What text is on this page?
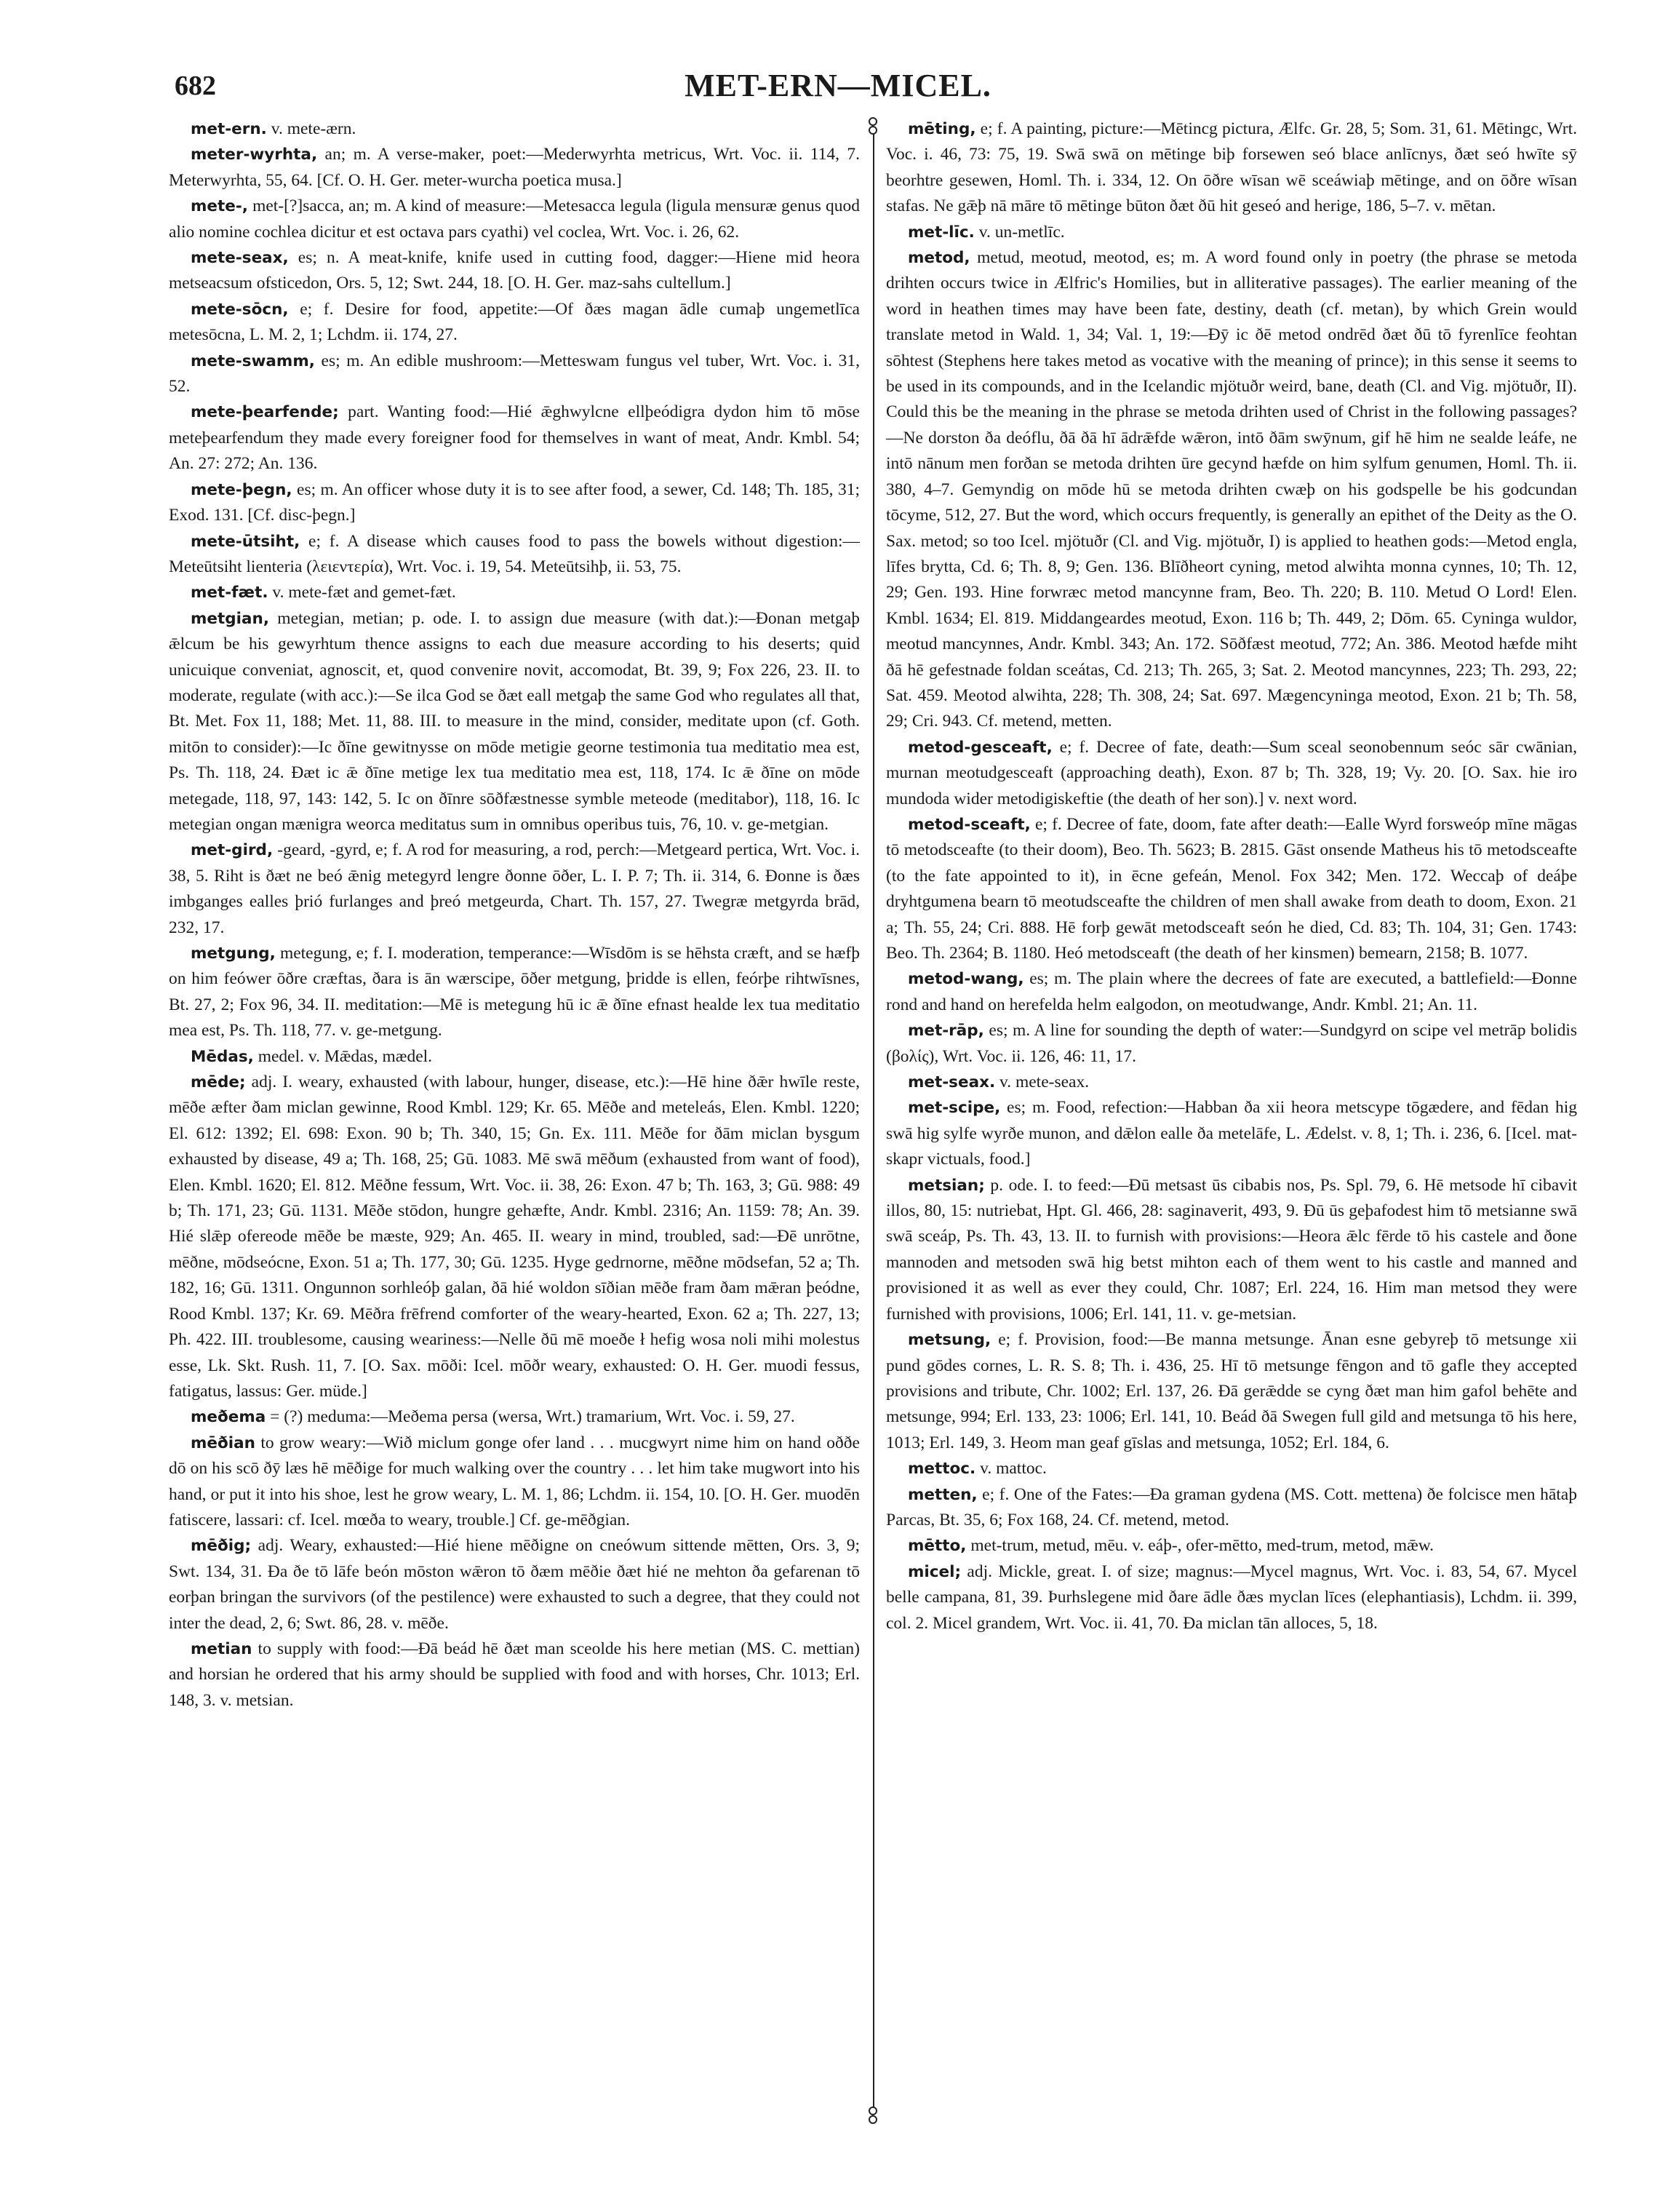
682	MET-ERN—MICEL.

met-ern. v. mete-ærn.

meter-wyrhta, an; m. A verse-maker, poet:—Mederwyrhta metricus, Wrt. Voc. ii. 114, 7. Meterwyrhta, 55, 64. [Cf. O. H. Ger. meter-wurcha poetica musa.]

mete-, met-[?]sacca, an; m. A kind of measure:—Metesacca legula (ligula mensuræ genus quod alio nomine cochlea dicitur et est octava pars cyathi) vel coclea, Wrt. Voc. i. 26, 62.

mete-seax, es; n. A meat-knife, knife used in cutting food, dagger:—Hiene mid heora metseacsum ofsticedon, Ors. 5, 12; Swt. 244, 18. [O. H. Ger. maz-sahs cultellum.]

mete-sōcn, e; f. Desire for food, appetite:—Of ðæs magan ādle cumaþ ungemetlīca metesōcna, L. M. 2, 1; Lchdm. ii. 174, 27.

mete-swamm, es; m. An edible mushroom:—Metteswam fungus vel tuber, Wrt. Voc. i. 31, 52.

mete-þearfende; part. Wanting food:—Hié ǣghwylcne ellþeódigra dydon him tō mōse meteþearfendum they made every foreigner food for themselves in want of meat, Andr. Kmbl. 54; An. 27: 272; An. 136.

mete-þegn, es; m. An officer whose duty it is to see after food, a sewer, Cd. 148; Th. 185, 31; Exod. 131. [Cf. disc-þegn.]

mete-ūtsiht, e; f. A disease which causes food to pass the bowels without digestion:—Meteūtsiht lienteria (λειεντερία), Wrt. Voc. i. 19, 54. Meteūtsihþ, ii. 53, 75.

met-fæt. v. mete-fæt and gemet-fæt.

metgian, metegian, metian; p. ode. I. to assign due measure (with dat.):—Ðonan metgaþ ǣlcum be his gewyrhtum thence assigns to each due measure according to his deserts; quid unicuique conveniat, agnoscit, et, quod convenire novit, accomodat, Bt. 39, 9; Fox 226, 23. II. to moderate, regulate (with acc.):—Se ilca God se ðæt eall metgaþ the same God who regulates all that, Bt. Met. Fox 11, 188; Met. 11, 88. III. to measure in the mind, consider, meditate upon (cf. Goth. mitōn to consider):—Ic ðīne gewitnysse on mōde metigie georne testimonia tua meditatio mea est, Ps. Th. 118, 24. Ðæt ic ǣ ðīne metige lex tua meditatio mea est, 118, 174. Ic ǣ ðīne on mōde metegade, 118, 97, 143: 142, 5. Ic on ðīnre sōðfæstnesse symble meteode (meditabor), 118, 16. Ic metegian ongan mænigra weorca meditatus sum in omnibus operibus tuis, 76, 10. v. ge-metgian.

met-gird, -geard, -gyrd, e; f. A rod for measuring, a rod, perch:—Metgeard pertica, Wrt. Voc. i. 38, 5. Riht is ðæt ne beó ǣnig metegyrd lengre ðonne ōðer, L. I. P. 7; Th. ii. 314, 6. Ðonne is ðæs imbganges ealles þrió furlanges and þreó metgeurda, Chart. Th. 157, 27. Twegræ metgyrda brād, 232, 17.

metgung, metegung, e; f. I. moderation, temperance:—Wīsdōm is se hēhsta cræft, and se hæfþ on him feówer ōðre cræftas, ðara is ān wærscipe, ōðer metgung, þridde is ellen, feórþe rihtwīsnes, Bt. 27, 2; Fox 96, 34. II. meditation:—Mē is metegung hū ic ǣ ðīne efnast healde lex tua meditatio mea est, Ps. Th. 118, 77. v. ge-metgung.

Mēdas, medel. v. Mǣdas, mædel.

mēde; adj. I. weary, exhausted (with labour, hunger, disease, etc.):—Hē hine ðǣr hwīle reste, mēðe æfter ðam miclan gewinne, Rood Kmbl. 129; Kr. 65. Mēðe and meteleás, Elen. Kmbl. 1220; El. 612: 1392; El. 698: Exon. 90 b; Th. 340, 15; Gn. Ex. 111. Mēðe for ðām miclan bysgum exhausted by disease, 49 a; Th. 168, 25; Gū. 1083. Mē swā mēðum (exhausted from want of food), Elen. Kmbl. 1620; El. 812. Mēðne fessum, Wrt. Voc. ii. 38, 26: Exon. 47 b; Th. 163, 3; Gū. 988: 49 b; Th. 171, 23; Gū. 1131. Mēðe stōdon, hungre gehæfte, Andr. Kmbl. 2316; An. 1159: 78; An. 39. Hié slǣp ofereode mēðe be mæste, 929; An. 465. II. weary in mind, troubled, sad:—Ðē unrōtne, mēðne, mōdseócne, Exon. 51 a; Th. 177, 30; Gū. 1235. Hyge gedrnorne, mēðne mōdsefan, 52 a; Th. 182, 16; Gū. 1311. Ongunnon sorhleóþ galan, ðā hié woldon sīðian mēðe fram ðam mǣran þeódne, Rood Kmbl. 137; Kr. 69. Mēðra frēfrend comforter of the weary-hearted, Exon. 62 a; Th. 227, 13; Ph. 422. III. troublesome, causing weariness:—Nelle ðū mē moeðe ł hefig wosa noli mihi molestus esse, Lk. Skt. Rush. 11, 7. [O. Sax. mōði: Icel. mōðr weary, exhausted: O. H. Ger. muodi fessus, fatigatus, lassus: Ger. müde.]

meðema = (?) meduma:—Meðema persa (wersa, Wrt.) tramarium, Wrt. Voc. i. 59, 27.

mēðian to grow weary:—Wið miclum gonge ofer land . . . mucgwyrt nime him on hand oððe dō on his scō ðȳ læs hē mēðige for much walking over the country . . . let him take mugwort into his hand, or put it into his shoe, lest he grow weary, L. M. 1, 86; Lchdm. ii. 154, 10. [O. H. Ger. muodēn fatiscere, lassari: cf. Icel. mœða to weary, trouble.] Cf. ge-mēðgian.

mēðig; adj. Weary, exhausted:—Hié hiene mēðigne on cneówum sittende mētten, Ors. 3, 9; Swt. 134, 31. Ða ðe tō lāfe beón mōston wǣron tō ðæm mēðie ðæt hié ne mehton ða gefarenan tō eorþan bringan the survivors (of the pestilence) were exhausted to such a degree, that they could not inter the dead, 2, 6; Swt. 86, 28. v. mēðe.

metian to supply with food:—Ðā beád hē ðæt man sceolde his here metian (MS. C. mettian) and horsian he ordered that his army should be supplied with food and with horses, Chr. 1013; Erl. 148, 3. v. metsian.

mēting, e; f. A painting, picture:—Mētincg pictura, Ælfc. Gr. 28, 5; Som. 31, 61. Mētingc, Wrt. Voc. i. 46, 73: 75, 19. Swā swā on mētinge biþ forsewen seó blace anlīcnys, ðæt seó hwīte sȳ beorhtre gesewen, Homl. Th. i. 334, 12. On ōðre wīsan wē sceáwiaþ mētinge, and on ōðre wīsan stafas. Ne gǣþ nā māre tō mētinge būton ðæt ðū hit geseó and herige, 186, 5–7. v. mētan.

met-līc. v. un-metlīc.

metod, metud, meotud, meotod, es; m. A word found only in poetry (the phrase se metoda drihten occurs twice in Ælfric's Homilies, but in alliterative passages). The earlier meaning of the word in heathen times may have been fate, destiny, death (cf. metan), by which Grein would translate metod in Wald. 1, 34; Val. 1, 19:—Ðȳ ic ðē metod ondrēd ðæt ðū tō fyrenlīce feohtan sōhtest (Stephens here takes metod as vocative with the meaning of prince); in this sense it seems to be used in its compounds, and in the Icelandic mjötuðr weird, bane, death (Cl. and Vig. mjötuðr, II). Could this be the meaning in the phrase se metoda drihten used of Christ in the following passages?—Ne dorston ða deóflu, ðā ðā hī ādrǣfde wǣron, intō ðām swȳnum, gif hē him ne sealde leáfe, ne intō nānum men forðan se metoda drihten ūre gecynd hæfde on him sylfum genumen, Homl. Th. ii. 380, 4–7. Gemyndig on mōde hū se metoda drihten cwæþ on his godspelle be his godcundan tōcyme, 512, 27. But the word, which occurs frequently, is generally an epithet of the Deity as the O. Sax. metod; so too Icel. mjötuðr (Cl. and Vig. mjötuðr, I) is applied to heathen gods:—Metod engla, līfes brytta, Cd. 6; Th. 8, 9; Gen. 136. Blīðheort cyning, metod alwihta monna cynnes, 10; Th. 12, 29; Gen. 193. Hine forwræc metod mancynne fram, Beo. Th. 220; B. 110. Metud O Lord! Elen. Kmbl. 1634; El. 819. Middangeardes meotud, Exon. 116 b; Th. 449, 2; Dōm. 65. Cyninga wuldor, meotud mancynnes, Andr. Kmbl. 343; An. 172. Sōðfæst meotud, 772; An. 386. Meotod hæfde miht ðā hē gefestnade foldan sceátas, Cd. 213; Th. 265, 3; Sat. 2. Meotod mancynnes, 223; Th. 293, 22; Sat. 459. Meotod alwihta, 228; Th. 308, 24; Sat. 697. Mægencyninga meotod, Exon. 21 b; Th. 58, 29; Cri. 943. Cf. metend, metten.

metod-gesceaft, e; f. Decree of fate, death:—Sum sceal seonobennum seóc sār cwānian, murnan meotudgesceaft (approaching death), Exon. 87 b; Th. 328, 19; Vy. 20. [O. Sax. hie iro mundoda wider metodigiskeftie (the death of her son).] v. next word.

metod-sceaft, e; f. Decree of fate, doom, fate after death:—Ealle Wyrd forsweóp mīne māgas tō metodsceafte (to their doom), Beo. Th. 5623; B. 2815. Gāst onsende Matheus his tō metodsceafte (to the fate appointed to it), in ēcne gefeán, Menol. Fox 342; Men. 172. Weccaþ of deáþe dryhtgumena bearn tō meotudsceafte the children of men shall awake from death to doom, Exon. 21 a; Th. 55, 24; Cri. 888. Hē forþ gewāt metodsceaft seón he died, Cd. 83; Th. 104, 31; Gen. 1743: Beo. Th. 2364; B. 1180. Heó metodsceaft (the death of her kinsmen) bemearn, 2158; B. 1077.

metod-wang, es; m. The plain where the decrees of fate are executed, a battlefield:—Ðonne rond and hand on herefelda helm ealgodon, on meotudwange, Andr. Kmbl. 21; An. 11.

met-rāp, es; m. A line for sounding the depth of water:—Sundgyrd on scipe vel metrāp bolidis (βολίς), Wrt. Voc. ii. 126, 46: 11, 17.

met-seax. v. mete-seax.

met-scipe, es; m. Food, refection:—Habban ða xii heora metscype tōgædere, and fēdan hig swā hig sylfe wyrðe munon, and dǣlon ealle ða metelāfe, L. Ædelst. v. 8, 1; Th. i. 236, 6. [Icel. mat-skapr victuals, food.]

metsian; p. ode. I. to feed:—Ðū metsast ūs cibabis nos, Ps. Spl. 79, 6. Hē metsode hī cibavit illos, 80, 15: nutriebat, Hpt. Gl. 466, 28: saginaverit, 493, 9. Ðū ūs geþafodest him tō metsianne swā swā sceáp, Ps. Th. 43, 13. II. to furnish with provisions:—Heora ǣlc fērde tō his castele and ðone mannoden and metsoden swā hig betst mihton each of them went to his castle and manned and provisioned it as well as ever they could, Chr. 1087; Erl. 224, 16. Him man metsod they were furnished with provisions, 1006; Erl. 141, 11. v. ge-metsian.

metsung, e; f. Provision, food:—Be manna metsunge. Ānan esne gebyreþ tō metsunge xii pund gōdes cornes, L. R. S. 8; Th. i. 436, 25. Hī tō metsunge fēngon and tō gafle they accepted provisions and tribute, Chr. 1002; Erl. 137, 26. Ðā gerǣdde se cyng ðæt man him gafol behēte and metsunge, 994; Erl. 133, 23: 1006; Erl. 141, 10. Beád ðā Swegen full gild and metsunga tō his here, 1013; Erl. 149, 3. Heom man geaf gīslas and metsunga, 1052; Erl. 184, 6.

mettoc. v. mattoc.

metten, e; f. One of the Fates:—Ða graman gydena (MS. Cott. mettena) ðe folcisce men hātaþ Parcas, Bt. 35, 6; Fox 168, 24. Cf. metend, metod.

mētto, met-trum, metud, mēu. v. eáþ-, ofer-mētto, med-trum, metod, mǣw.

micel; adj. Mickle, great. I. of size; magnus:—Mycel magnus, Wrt. Voc. i. 83, 54, 67. Mycel belle campana, 81, 39. Þurhslegene mid ðare ādle ðæs myclan līces (elephantiasis), Lchdm. ii. 399, col. 2. Micel grandem, Wrt. Voc. ii. 41, 70. Ða miclan tān alloces, 5, 18.
